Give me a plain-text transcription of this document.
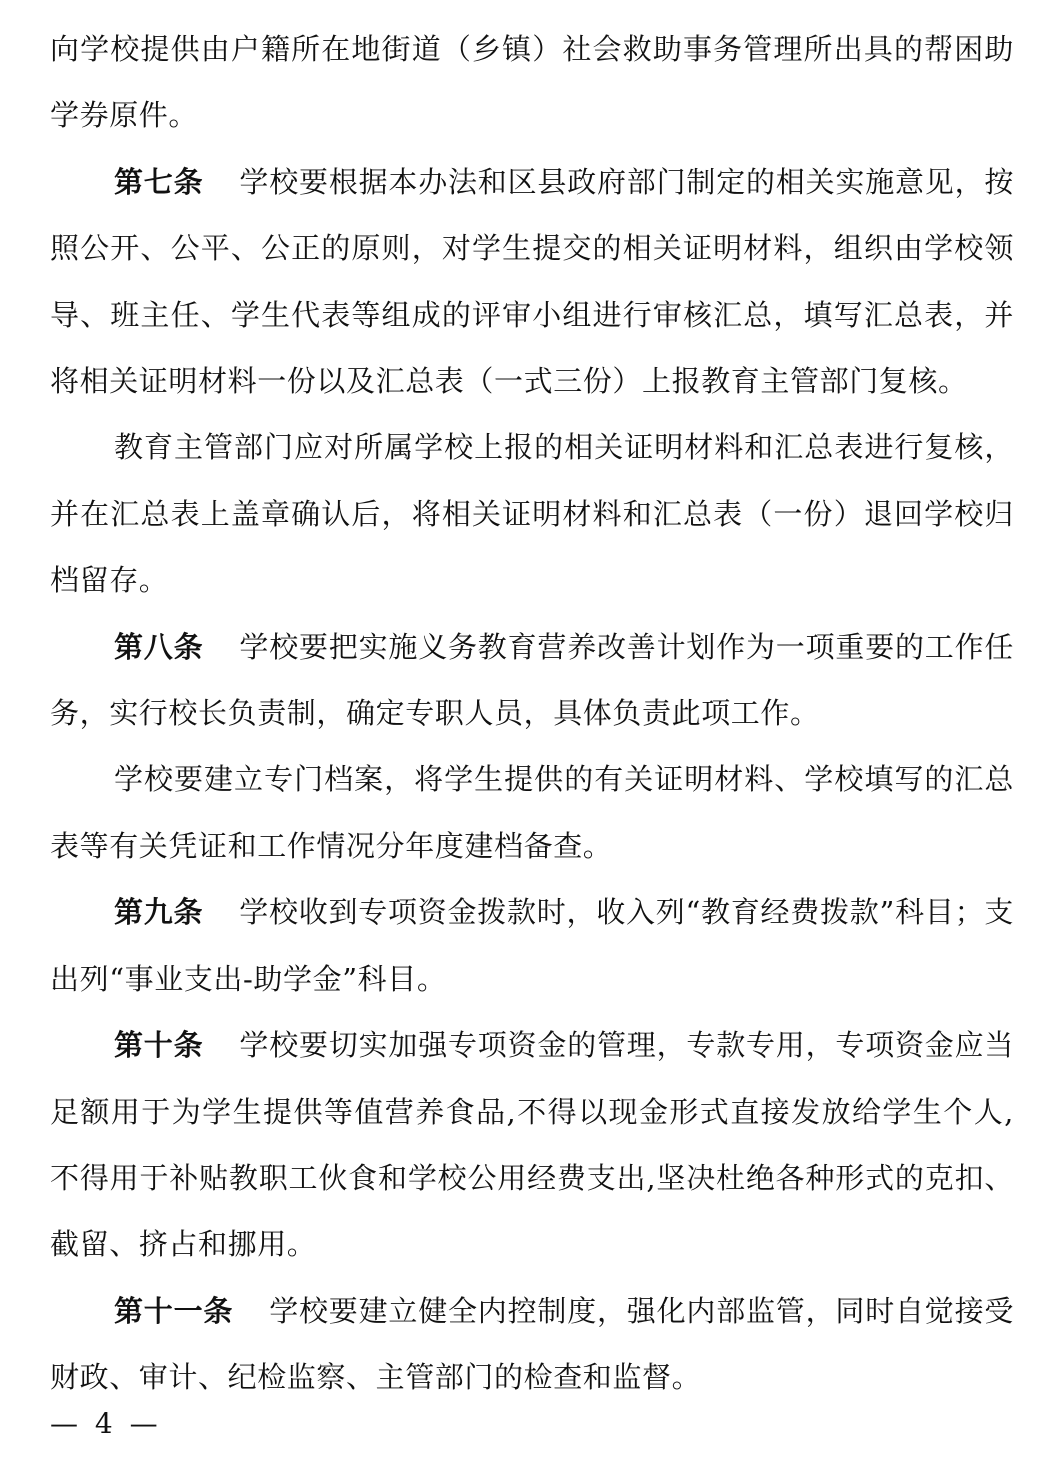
向学校提供由户籍所在地街道（乡镇）社会救助事务管理所出具的帮困助学券原件。

第七条 学校要根据本办法和区县政府部门制定的相关实施意见，按照公开、公平、公正的原则，对学生提交的相关证明材料，组织由学校领导、班主任、学生代表等组成的评审小组进行审核汇总，填写汇总表，并将相关证明材料一份以及汇总表（一式三份）上报教育主管部门复核。

教育主管部门应对所属学校上报的相关证明材料和汇总表进行复核，并在汇总表上盖章确认后，将相关证明材料和汇总表（一份）退回学校归档留存。

第八条 学校要把实施义务教育营养改善计划作为一项重要的工作任务，实行校长负责制，确定专职人员，具体负责此项工作。

学校要建立专门档案，将学生提供的有关证明材料、学校填写的汇总表等有关凭证和工作情况分年度建档备查。

第九条 学校收到专项资金拨款时，收入列“教育经费拨款”科目；支出列“事业支出-助学金”科目。

第十条 学校要切实加强专项资金的管理，专款专用，专项资金应当足额用于为学生提供等值营养食品,不得以现金形式直接发放给学生个人,不得用于补贴教职工伙食和学校公用经费支出,坚决杜绝各种形式的克扣、截留、挤占和挪用。

第十一条 学校要建立健全内控制度，强化内部监管，同时自觉接受财政、审计、纪检监察、主管部门的检查和监督。

— 4 —
